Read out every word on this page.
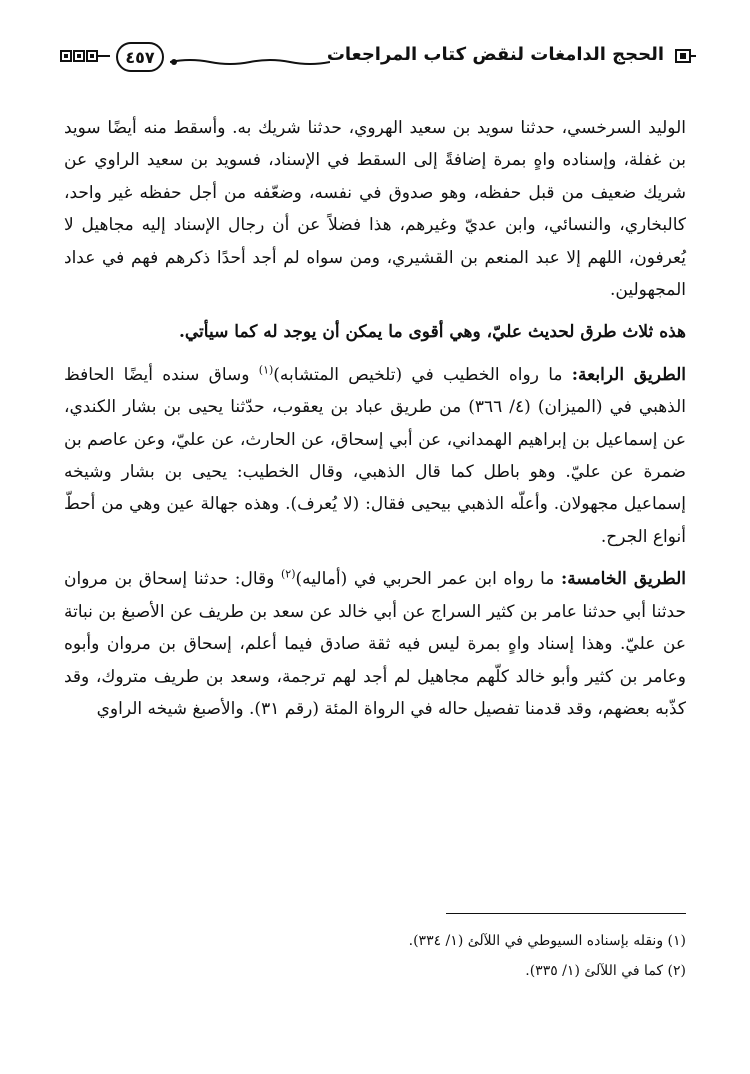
٤٥٧	الحجج الدامغات لنقض كتاب المراجعات

الوليد السرخسي، حدثنا سويد بن سعيد الهروي، حدثنا شريك به. وأسقط منه أيضًا سويد بن غفلة، وإسناده واهٍ بمرة إضافةً إلى السقط في الإسناد، فسويد بن سعيد الراوي عن شريك ضعيف من قبل حفظه، وهو صدوق في نفسه، وضعّفه من أجل حفظه غير واحد، كالبخاري، والنسائي، وابن عديّ وغيرهم، هذا فضلاً عن أن رجال الإسناد إليه مجاهيل لا يُعرفون، اللهم إلا عبد المنعم بن القشيري، ومن سواه لم أجد أحدًا ذكرهم فهم في عداد المجهولين.

هذه ثلاث طرق لحديث عليّ، وهي أقوى ما يمكن أن يوجد له كما سيأتي.

الطريق الرابعة: ما رواه الخطيب في (تلخيص المتشابه)$^{(١)}$ وساق سنده أيضًا الحافظ الذهبي في (الميزان) (٤/ ٣٦٦) من طريق عباد بن يعقوب، حدّثنا يحيى بن بشار الكندي، عن إسماعيل بن إبراهيم الهمداني، عن أبي إسحاق، عن الحارث، عن عليّ، وعن عاصم بن ضمرة عن عليّ. وهو باطل كما قال الذهبي، وقال الخطيب: يحيى بن بشار وشيخه إسماعيل مجهولان. وأعلّه الذهبي بيحيى فقال: (لا يُعرف). وهذه جهالة عين وهي من أحطّ أنواع الجرح.

الطريق الخامسة: ما رواه ابن عمر الحربي في (أماليه)$^{(٢)}$ وقال: حدثنا إسحاق بن مروان حدثنا أبي حدثنا عامر بن كثير السراج عن أبي خالد عن سعد بن طريف عن الأصبغ بن نباتة عن عليّ. وهذا إسناد واهٍ بمرة ليس فيه ثقة صادق فيما أعلم، إسحاق بن مروان وأبوه وعامر بن كثير وأبو خالد كلّهم مجاهيل لم أجد لهم ترجمة، وسعد بن طريف متروك، وقد كذّبه بعضهم، وقد قدمنا تفصيل حاله في الرواة المئة (رقم ٣١). والأصبغ شيخه الراوي

(١) ونقله بإسناده السيوطي في اللآلئ (١/ ٣٣٤).
(٢) كما في اللآلئ (١/ ٣٣٥).
